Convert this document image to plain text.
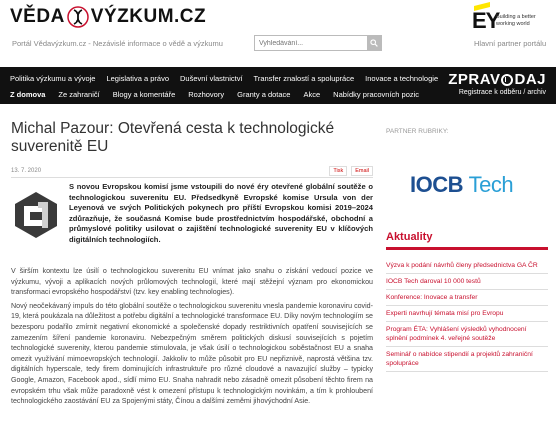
VĚDA VÝZKUM.CZ
Portál Vědavýzkum.cz - Nezávislé informace o vědě a výzkumu
Vyhledávání...
EY
Building a better
working world
Hlavní partner portálu
Politika výzkumu a vývoje Legislativa a právo Duševní vlastnictví Transfer znalostí a spolupráce Inovace a technologie
Z domova Ze zahraničí Blogy a komentáře Rozhovory Granty a dotace Akce Nabídky pracovních pozic
ZPRAV DAJ
Registrace k odběru / archiv
Michal Pazour: Otevřená cesta k technologické suverenitě EU
13. 7. 2020	Tisk	Email
S novou Evropskou komisí jsme vstoupili do nové éry otevřené globální soutěže o technologickou suverenitu EU. Předsedkyně Evropské komise Ursula von der Leyenová ve svých Politických pokynech pro příští Evropskou komisi 2019–2024 zdůrazňuje, že současná Komise bude prostřednictvím hospodářské, obchodní a průmyslové politiky usilovat o zajištění technologické suverenity EU v klíčových digitálních technologiích.

V širším kontextu lze úsilí o technologickou suverenitu EU vnímat jako snahu o získání vedoucí pozice ve výzkumu, vývoji a aplikacích nových průlomových technologií, které mají stěžejní význam pro ekonomickou transformaci evropského hospodářství (tzv. key enabling technologies).

Nový neočekávaný impuls do této globální soutěže o technologickou suverenitu vnesla pandemie koronaviru covid-19, která poukázala na důležitost a potřebu digitální a technologické transformace EU. Díky novým technologiím se bezesporu podařilo zmírnit negativní ekonomické a společenské dopady restriktivních opatření souvisejících se zamezením šíření pandemie koronaviru. Nebezpečným směrem politických diskusí souvisejících s pojetím technologické suverenity, kterou pandemie stimulovala, je však úsilí o technologickou soběstačnost EU a snaha omezit využívání mimoevropských technologií. Jakkoliv to může působit pro EU nepřiznivě, naprostá většina tzv. digitálních hyperscale, tedy firem dominujících infrastruktuře pro různé cloudové a navazující služby – typicky Google, Amazon, Facebook apod., sídlí mimo EU. Snaha nahradit nebo zásadně omezit působení těchto firem na evropském trhu však může paradoxně vést k omezení přístupu k technologickým novinkám, a tím k prohloubení technologického zaostávání EU za Spojenými státy, Čínou a dalšími zeměmi jihovýchodní Asie.

PARTNER RUBRIKY:
IOCB Tech
Aktuality
Výzva k podání návrhů členy předsednictva GA ČR
IOCB Tech daroval 10 000 testů
Konference: Inovace a transfer
Experti navrhují témata misí pro Evropu
Program ÉTA: Vyhlášení výsledků vyhodnocení splnění podmínek 4. veřejné soutěže
Seminář o nabídce stipendií a projektů zahraniční spolupráce
